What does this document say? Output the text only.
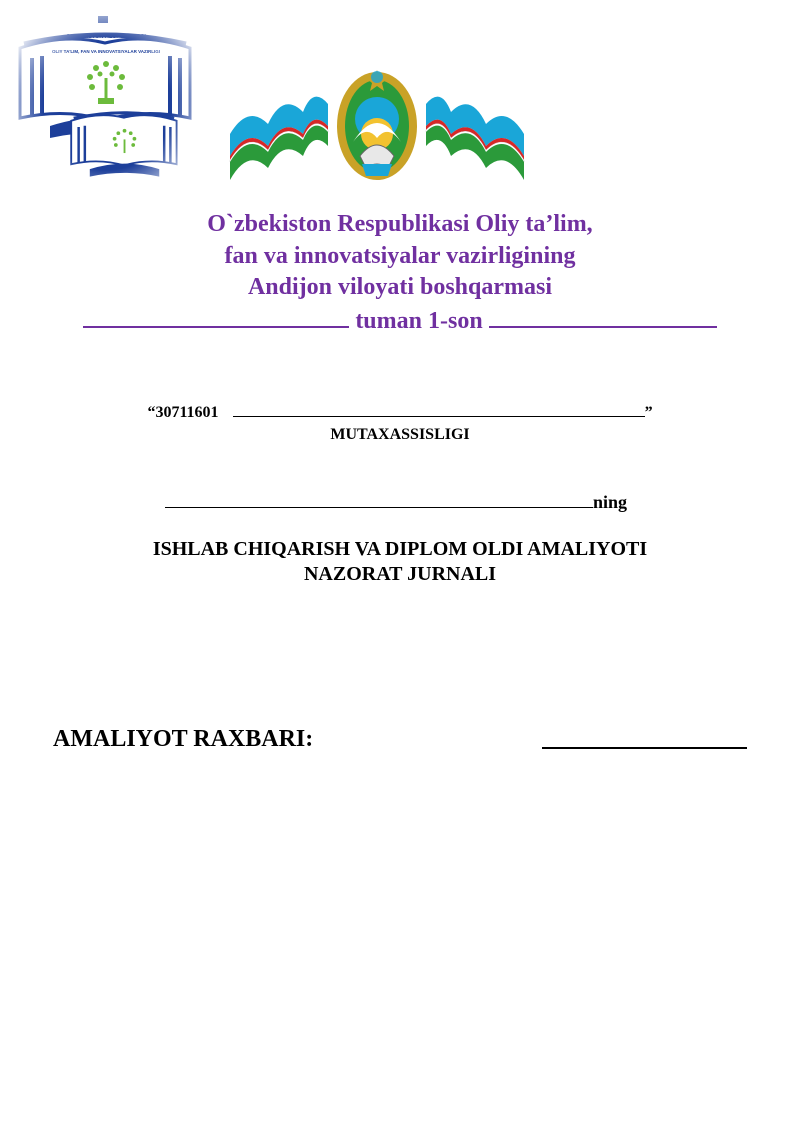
O`zbekiston Respublikasi Oliy ta’lim,
fan va innovatsiyalar vazirligining
Andijon viloyati boshqarmasi
tuman 1-son
“30711601	”
MUTAXASSISLIGI
ning
ISHLAB CHIQARISH VA DIPLOM OLDI AMALIYOTI
NAZORAT JURNALI
AMALIYOT RAXBARI:
